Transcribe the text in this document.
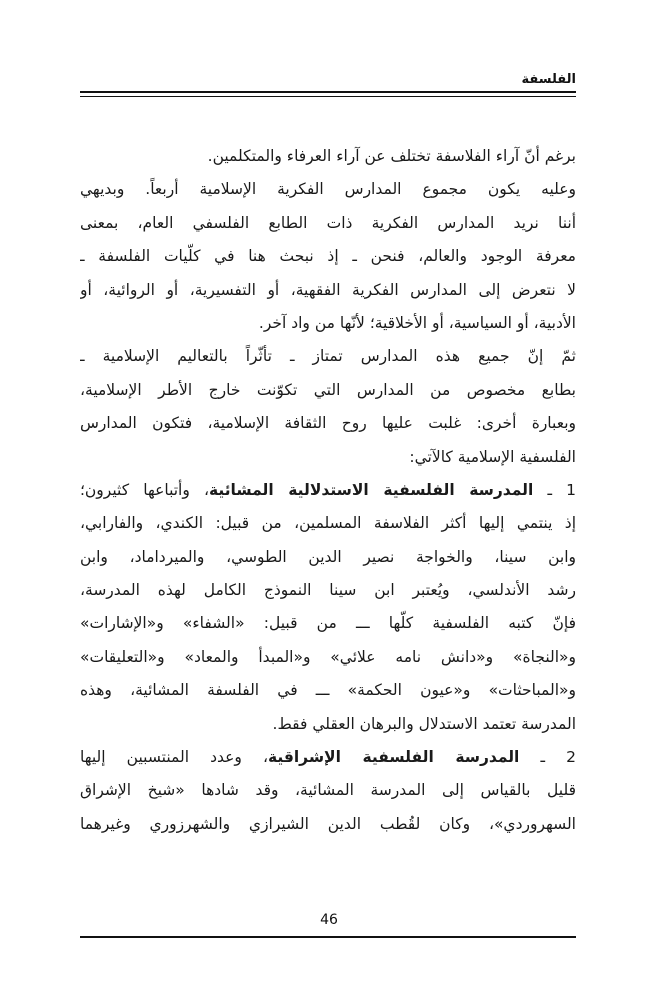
الفلسفة
برغم أنّ آراء الفلاسفة تختلف عن آراء العرفاء والمتكلمين.
وعليه يكون مجموع المدارس الفكرية الإسلامية أربعاً. وبديهي
أننا نريد المدارس الفكرية ذات الطابع الفلسفي العام، بمعنى
معرفة الوجود والعالم، فنحن ـ إذ نبحث هنا في كلّيات الفلسفة ـ
لا نتعرض إلى المدارس الفكرية الفقهية، أو التفسيرية، أو الروائية، أو
الأدبية، أو السياسية، أو الأخلاقية؛ لأنّها من واد آخر.
ثمّ إنّ جميع هذه المدارس تمتاز ـ تأثّراً بالتعاليم الإسلامية ـ
بطابع مخصوص من المدارس التي تكوّنت خارج الأطر الإسلامية،
وبعبارة أخرى: غلبت عليها روح الثقافة الإسلامية، فتكون المدارس
الفلسفية الإسلامية كالآتي:
1 ـ المدرسة الفلسفية الاستدلالية المشائية، وأتباعها كثيرون؛
إذ ينتمي إليها أكثر الفلاسفة المسلمين، من قبيل: الكندي، والفارابي،
وابن سينا، والخواجة نصير الدين الطوسي، والميرداماد، وابن
رشد الأندلسي، ويُعتبر ابن سينا النموذج الكامل لهذه المدرسة،
فإنّ كتبه الفلسفية كلّها ـــ من قبيل: «الشفاء» و«الإشارات»
و«النجاة» و«دانش نامه علائي» و«المبدأ والمعاد» و«التعليقات»
و«المباحثات» و«عيون الحكمة» ـــ في الفلسفة المشائية، وهذه
المدرسة تعتمد الاستدلال والبرهان العقلي فقط.
2 ـ المدرسة الفلسفية الإشراقية، وعدد المنتسبين إليها
قليل بالقياس إلى المدرسة المشائية، وقد شادها «شيخ الإشراق
السهروردي»، وكان لقُطب الدين الشيرازي والشهرزوري وغيرهما
46
